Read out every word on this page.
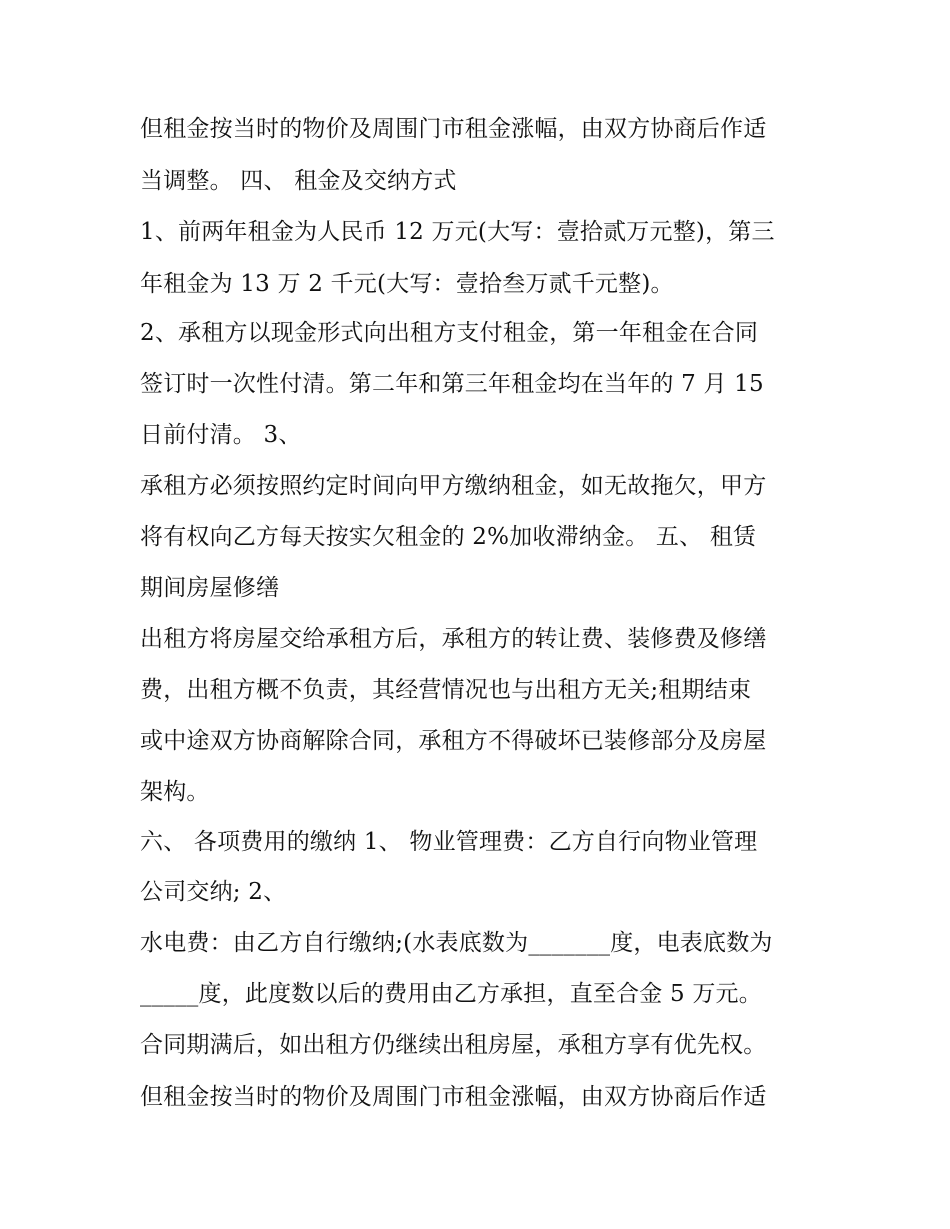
但租金按当时的物价及周围门市租金涨幅，由双方协商后作适
当调整。 四、 租金及交纳方式
1、前两年租金为人民币 12 万元(大写：壹拾贰万元整)，第三
年租金为 13 万 2 千元(大写：壹拾叁万贰千元整)。
2、承租方以现金形式向出租方支付租金，第一年租金在合同
签订时一次性付清。第二年和第三年租金均在当年的 7 月 15
日前付清。 3、
承租方必须按照约定时间向甲方缴纳租金，如无故拖欠，甲方
将有权向乙方每天按实欠租金的 2%加收滞纳金。 五、 租赁
期间房屋修缮
出租方将房屋交给承租方后，承租方的转让费、装修费及修缮
费，出租方概不负责，其经营情况也与出租方无关;租期结束
或中途双方协商解除合同，承租方不得破坏已装修部分及房屋
架构。
六、 各项费用的缴纳 1、 物业管理费：乙方自行向物业管理
公司交纳; 2、
水电费：由乙方自行缴纳;(水表底数为_______度，电表底数为
_____度，此度数以后的费用由乙方承担，直至合金 5 万元。
合同期满后，如出租方仍继续出租房屋，承租方享有优先权。
但租金按当时的物价及周围门市租金涨幅，由双方协商后作适
